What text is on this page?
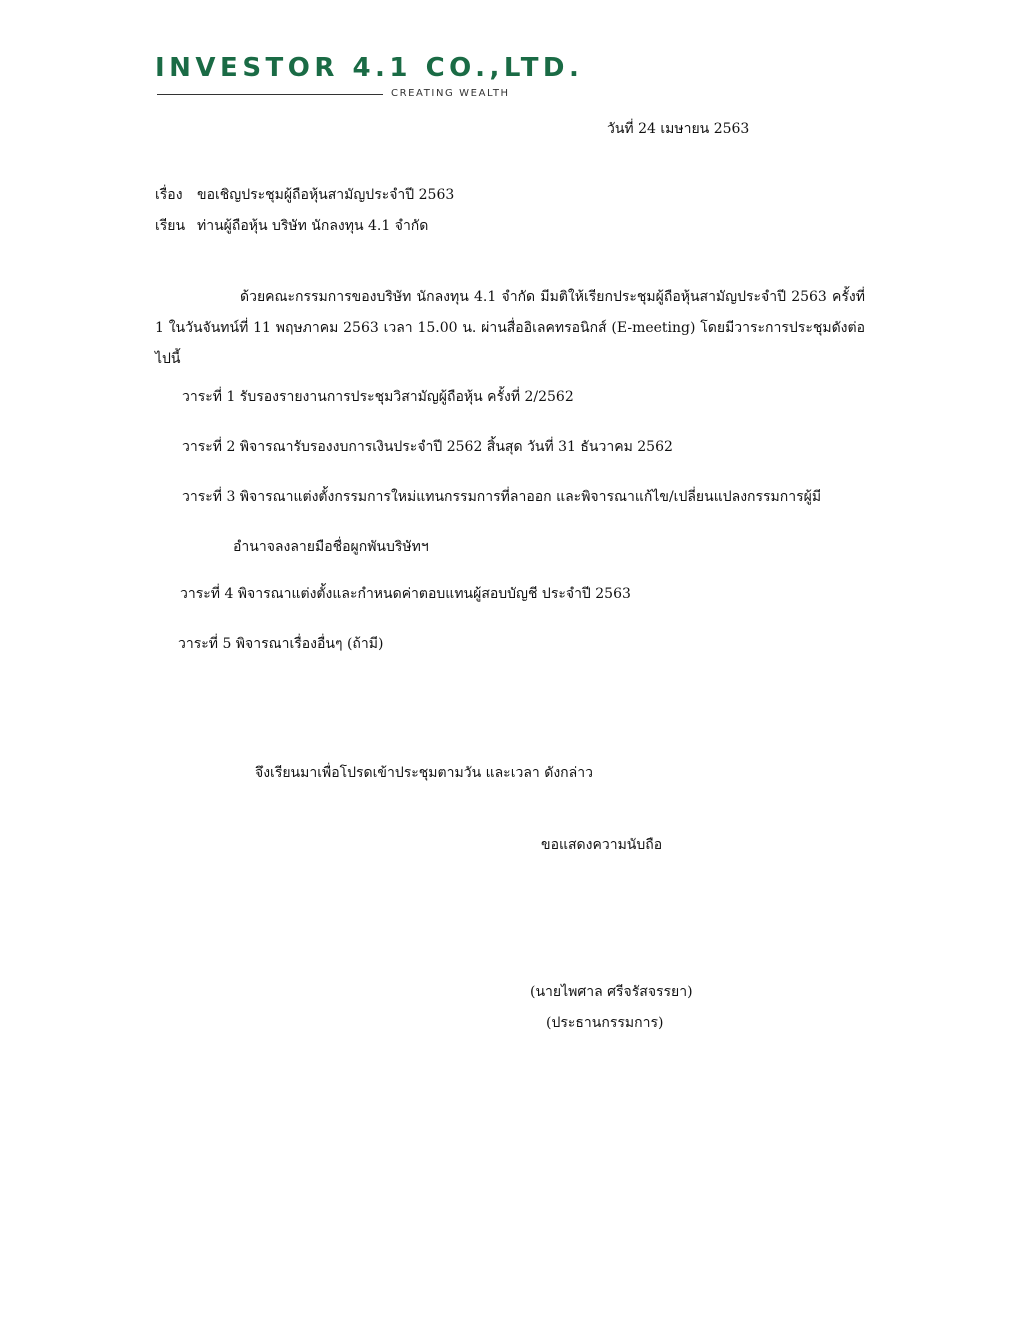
INVESTOR 4.1 CO.,LTD.
CREATING WEALTH
วันที่ 24 เมษายน 2563
เรื่อง ขอเชิญประชุมผู้ถือหุ้นสามัญประจำปี 2563
เรียน ท่านผู้ถือหุ้น บริษัท นักลงทุน 4.1 จำกัด
ด้วยคณะกรรมการของบริษัท นักลงทุน 4.1 จำกัด มีมติให้เรียกประชุมผู้ถือหุ้นสามัญประจำปี 2563 ครั้งที่ 1 ในวันจันทน์ที่ 11 พฤษภาคม 2563 เวลา 15.00 น. ผ่านสื่ออิเลคทรอนิกส์ (E-meeting) โดยมีวาระการประชุมดังต่อไปนี้
วาระที่ 1 รับรองรายงานการประชุมวิสามัญผู้ถือหุ้น ครั้งที่ 2/2562
วาระที่ 2 พิจารณารับรองงบการเงินประจำปี 2562 สิ้นสุด วันที่ 31 ธันวาคม 2562
วาระที่ 3 พิจารณาแต่งตั้งกรรมการใหม่แทนกรรมการที่ลาออก และพิจารณาแก้ไข/เปลี่ยนแปลงกรรมการผู้มี
อำนาจลงลายมือชื่อผูกพันบริษัทฯ
วาระที่ 4 พิจารณาแต่งตั้งและกำหนดค่าตอบแทนผู้สอบบัญชี ประจำปี 2563
วาระที่ 5 พิจารณาเรื่องอื่นๆ (ถ้ามี)
จึงเรียนมาเพื่อโปรดเข้าประชุมตามวัน และเวลา ดังกล่าว
ขอแสดงความนับถือ
(นายไพศาล ศรีจรัสจรรยา)
(ประธานกรรมการ)
